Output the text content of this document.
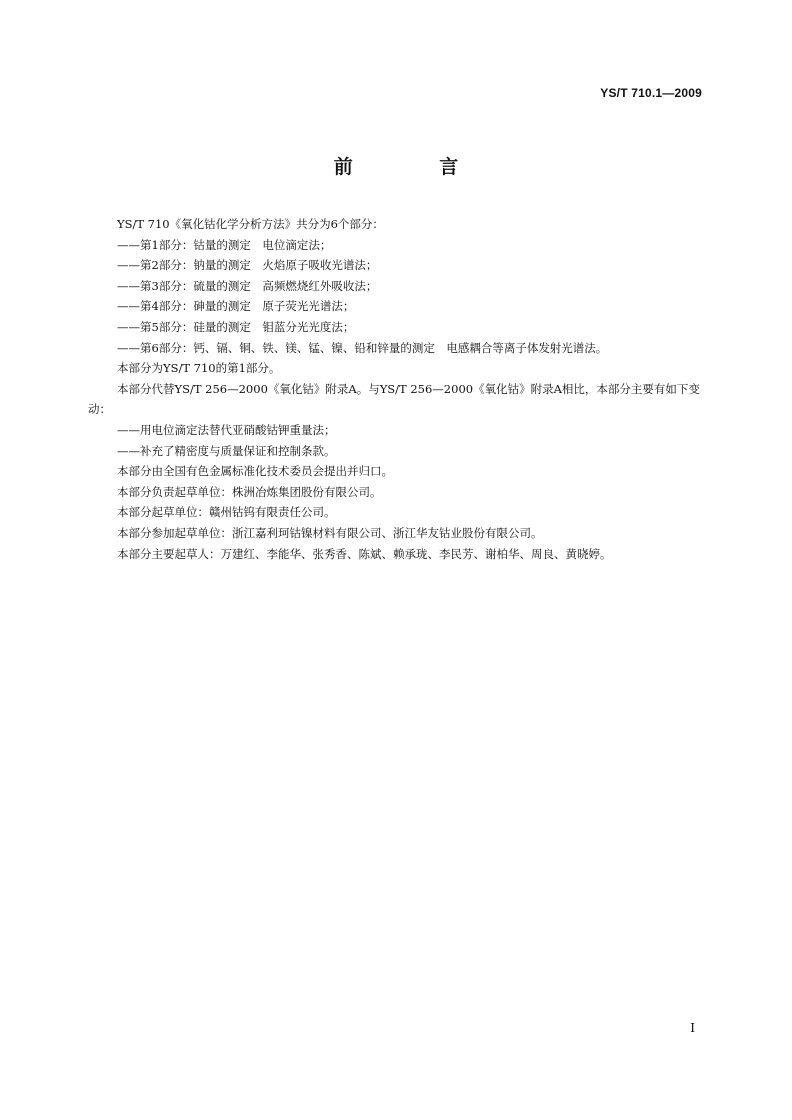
YS/T 710.1—2009
前 言

YS/T 710《氧化钴化学分析方法》共分为6个部分：

——第1部分：钴量的测定　电位滴定法；

——第2部分：钠量的测定　火焰原子吸收光谱法；

——第3部分：硫量的测定　高频燃烧红外吸收法；

——第4部分：砷量的测定　原子荧光光谱法；

——第5部分：硅量的测定　钼蓝分光光度法；

——第6部分：钙、镉、铜、铁、镁、锰、镍、铅和锌量的测定　电感耦合等离子体发射光谱法。

本部分为YS/T 710的第1部分。

本部分代替YS/T 256—2000《氧化钴》附录A。与YS/T 256—2000《氧化钴》附录A相比，本部分主要有如下变动：

——用电位滴定法替代亚硝酸钴钾重量法；

——补充了精密度与质量保证和控制条款。

本部分由全国有色金属标准化技术委员会提出并归口。

本部分负责起草单位：株洲冶炼集团股份有限公司。

本部分起草单位：赣州钴钨有限责任公司。

本部分参加起草单位：浙江嘉利珂钴镍材料有限公司、浙江华友钴业股份有限公司。

本部分主要起草人：万建红、李能华、张秀香、陈斌、赖承珑、李民芳、谢柏华、周良、黄晓婷。

I
